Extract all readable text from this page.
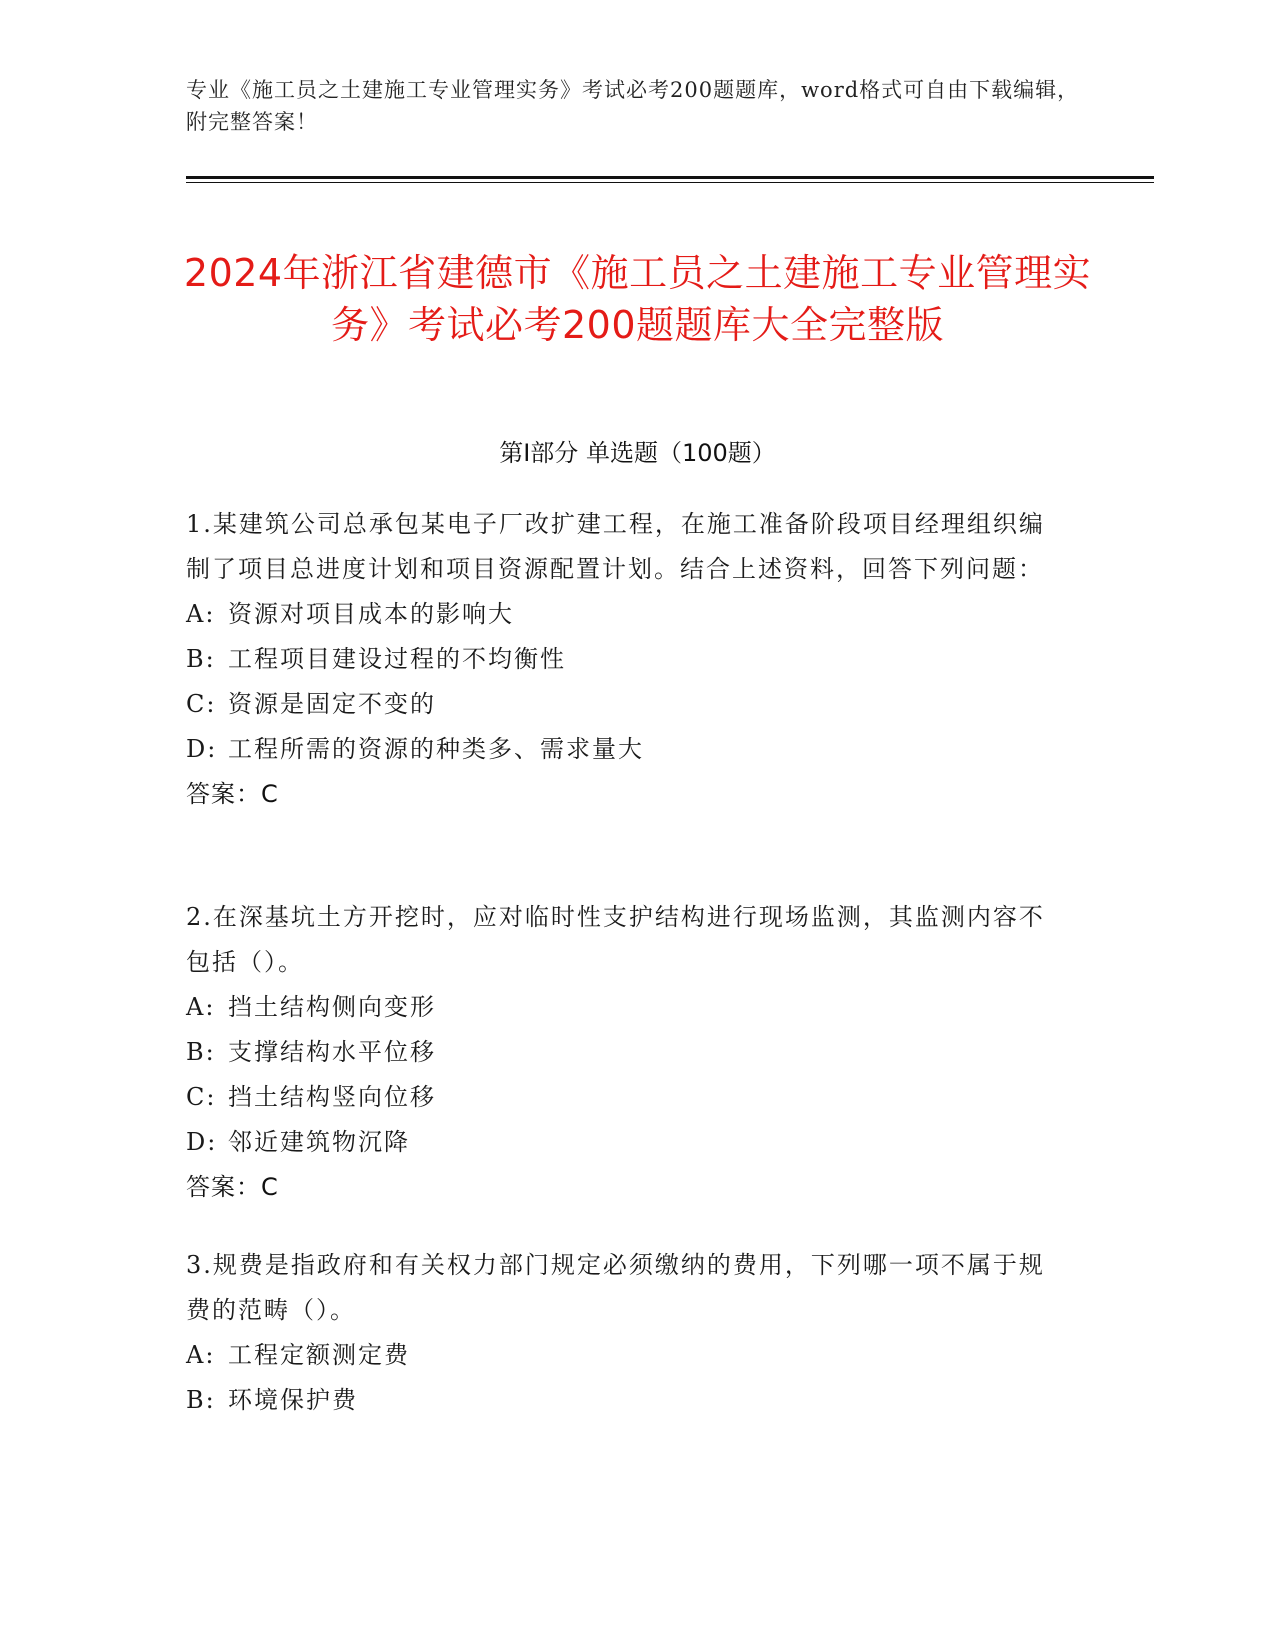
专业《施工员之土建施工专业管理实务》考试必考200题题库，word格式可自由下载编辑，附完整答案！
2024年浙江省建德市《施工员之土建施工专业管理实务》考试必考200题题库大全完整版
第Ⅰ部分 单选题（100题）

1.某建筑公司总承包某电子厂改扩建工程，在施工准备阶段项目经理组织编制了项目总进度计划和项目资源配置计划。结合上述资料，回答下列问题：

A: 资源对项目成本的影响大

B: 工程项目建设过程的不均衡性

C: 资源是固定不变的

D: 工程所需的资源的种类多、需求量大

答案：C

2.在深基坑土方开挖时，应对临时性支护结构进行现场监测，其监测内容不包括（）。

A: 挡土结构侧向变形

B: 支撑结构水平位移

C: 挡土结构竖向位移

D: 邻近建筑物沉降

答案：C

3.规费是指政府和有关权力部门规定必须缴纳的费用，下列哪一项不属于规费的范畴（）。

A: 工程定额测定费

B: 环境保护费
